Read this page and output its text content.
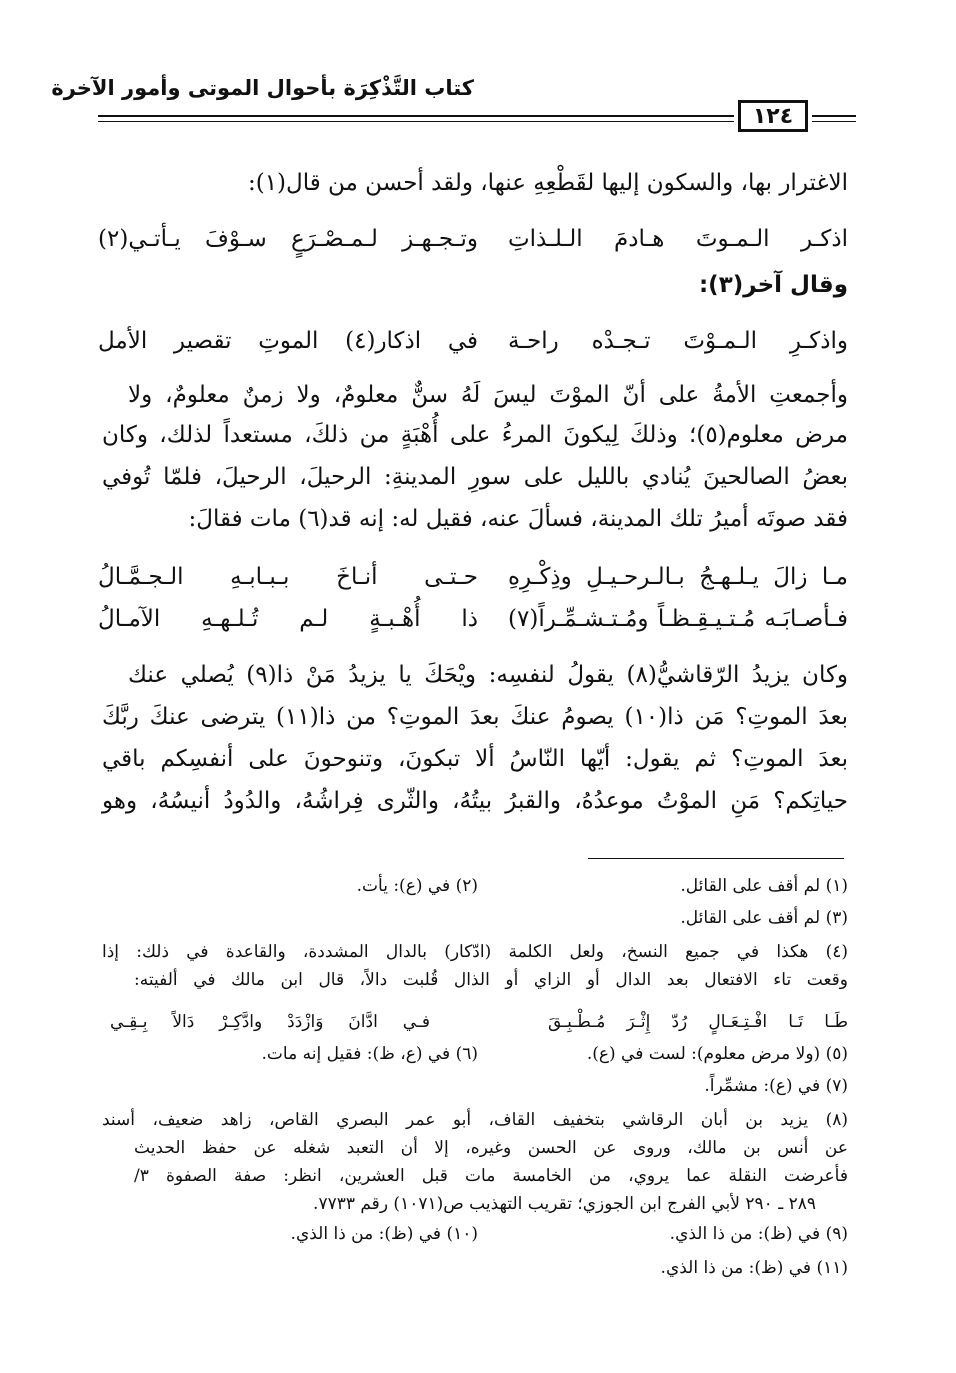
كتاب التَّذْكِرَة بأحوال الموتى وأمور الآخرة
١٢٤
الاغترار بها، والسكون إليها لقَطْعِهِ عنها، ولقد أحسن من قال(١):
اذكـر الـمـوتَ هـادمَ الـلـذاتِ
وتـجـهـز لـمـصْـرَعٍ سـوْفَ يـأتـي(٢)
وقال آخر(٣):
واذكـرِ الـمـوْتَ تـجـدْه راحـة
في اذكار(٤) الموتِ تقصير الأمل
وأجمعتِ الأمةُ على أنّ الموْتَ ليسَ لَهُ سنٌّ معلومٌ، ولا زمنٌ معلومٌ، ولا
مرض معلوم(٥)؛ وذلكَ لِيكونَ المرءُ على أُهْبَةٍ من ذلكَ، مستعداً لذلك، وكان
بعضُ الصالحينَ يُنادي بالليل على سورِ المدينةِ: الرحيلَ، الرحيلَ، فلمّا تُوفي
فقد صوتَه أميرُ تلك المدينة، فسألَ عنه، فقيل له: إنه قد(٦) مات فقالَ:
مـا زالَ يـلـهـجُ بـالـرحـيـلِ وذِكْـرِهِ
حـتـى أنـاخَ بـبـابـهِ الـجـمَّـالُ
فـأصـابَـه مُـتـيـقِـظـاً ومُـتـشـمِّـراً(٧)
ذا أُهْـبـةٍ لـم تُـلـهـهِ الآمـالُ
وكان يزيدُ الرّقاشيُّ(٨) يقولُ لنفسِه: ويْحَكَ يا يزيدُ مَنْ ذا(٩) يُصلي عنك
بعدَ الموتِ؟ مَن ذا(١٠) يصومُ عنكَ بعدَ الموتِ؟ من ذا(١١) يترضى عنكَ ربَّكَ
بعدَ الموتِ؟ ثم يقول: أيّها النّاسُ ألا تبكونَ، وتنوحونَ على أنفسِكم باقي
حياتِكم؟ مَنِ الموْتُ موعدُهُ، والقبرُ بيتُهُ، والثّرى فِراشُهُ، والدُودُ أنيسُهُ، وهو
(١) لم أقف على القائل.
(٢) في (ع): يأت.
(٣) لم أقف على القائل.
(٤) هكذا في جميع النسخ، ولعل الكلمة (ادّكار) بالدال المشددة، والقاعدة في ذلك: إذا
وقعت تاء الافتعال بعد الدال أو الزاي أو الذال قُلبت دالاً، قال ابن مالك في ألفيته:
طَـا تَـا افْـتِـعَـالٍ رُدّ إِثْـرَ مُـطْـبِـقَ
فـي ادَّانَ وَازْدَدْ وادَّكِـرْ دَالاً بِـقِـي
(٥) (ولا مرض معلوم): لست في (ع).
(٦) في (ع، ظ): فقيل إنه مات.
(٧) في (ع): مشمِّراً.
(٨) يزيد بن أبان الرقاشي بتخفيف القاف، أبو عمر البصري القاص، زاهد ضعيف، أسند
عن أنس بن مالك، وروى عن الحسن وغيره، إلا أن التعبد شغله عن حفظ الحديث
فأعرضت النقلة عما يروي، من الخامسة مات قبل العشرين، انظر: صفة الصفوة ٣/
٢٨٩ ـ ٢٩٠ لأبي الفرج ابن الجوزي؛ تقريب التهذيب ص(١٠٧١) رقم ٧٧٣٣.
(٩) في (ظ): من ذا الذي.
(١٠) في (ظ): من ذا الذي.
(١١) في (ظ): من ذا الذي.
